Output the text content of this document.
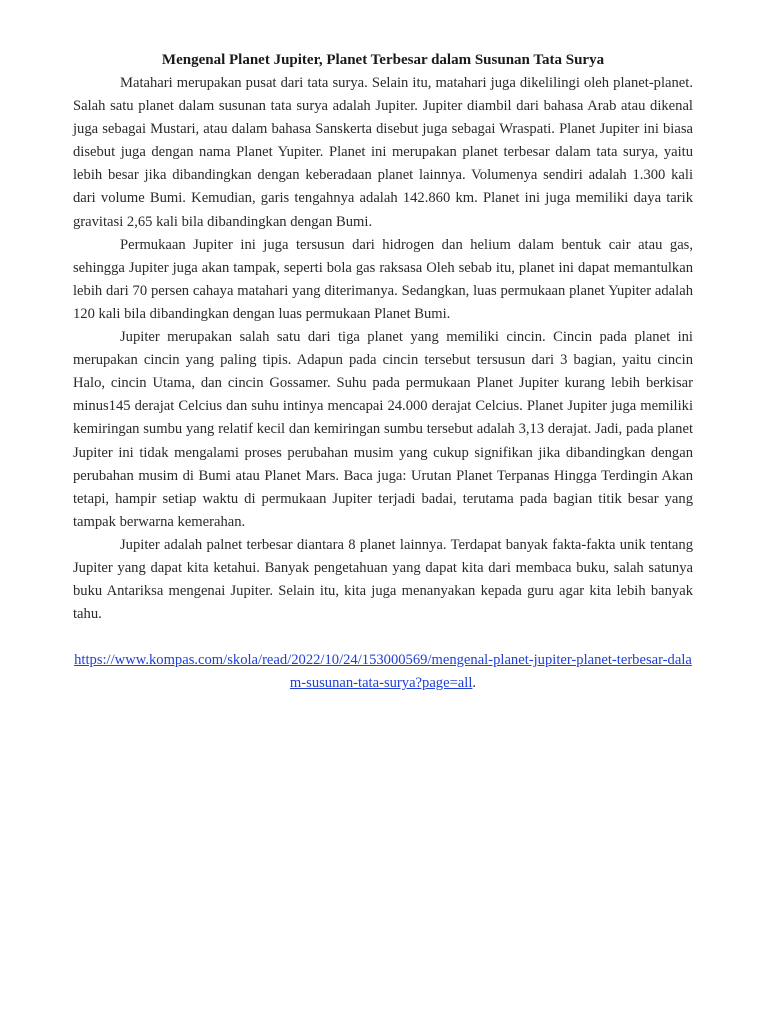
Mengenal Planet Jupiter, Planet Terbesar dalam Susunan Tata Surya

Matahari merupakan pusat dari tata surya. Selain itu, matahari juga dikelilingi oleh planet-planet. Salah satu planet dalam susunan tata surya adalah Jupiter. Jupiter diambil dari bahasa Arab atau dikenal juga sebagai Mustari, atau dalam bahasa Sanskerta disebut juga sebagai Wraspati. Planet Jupiter ini biasa disebut juga dengan nama Planet Yupiter. Planet ini merupakan planet terbesar dalam tata surya, yaitu lebih besar jika dibandingkan dengan keberadaan planet lainnya. Volumenya sendiri adalah 1.300 kali dari volume Bumi. Kemudian, garis tengahnya adalah 142.860 km. Planet ini juga memiliki daya tarik gravitasi 2,65 kali bila dibandingkan dengan Bumi.

Permukaan Jupiter ini juga tersusun dari hidrogen dan helium dalam bentuk cair atau gas, sehingga Jupiter juga akan tampak, seperti bola gas raksasa Oleh sebab itu, planet ini dapat memantulkan lebih dari 70 persen cahaya matahari yang diterimanya. Sedangkan, luas permukaan planet Yupiter adalah 120 kali bila dibandingkan dengan luas permukaan Planet Bumi.

Jupiter merupakan salah satu dari tiga planet yang memiliki cincin. Cincin pada planet ini merupakan cincin yang paling tipis. Adapun pada cincin tersebut tersusun dari 3 bagian, yaitu cincin Halo, cincin Utama, dan cincin Gossamer. Suhu pada permukaan Planet Jupiter kurang lebih berkisar minus145 derajat Celcius dan suhu intinya mencapai 24.000 derajat Celcius. Planet Jupiter juga memiliki kemiringan sumbu yang relatif kecil dan kemiringan sumbu tersebut adalah 3,13 derajat. Jadi, pada planet Jupiter ini tidak mengalami proses perubahan musim yang cukup signifikan jika dibandingkan dengan perubahan musim di Bumi atau Planet Mars. Baca juga: Urutan Planet Terpanas Hingga Terdingin Akan tetapi, hampir setiap waktu di permukaan Jupiter terjadi badai, terutama pada bagian titik besar yang tampak berwarna kemerahan.

Jupiter adalah palnet terbesar diantara 8 planet lainnya. Terdapat banyak fakta-fakta unik tentang Jupiter yang dapat kita ketahui. Banyak pengetahuan yang dapat kita dari membaca buku, salah satunya buku Antariksa mengenai Jupiter. Selain itu, kita juga menanyakan kepada guru agar kita lebih banyak tahu.

https://www.kompas.com/skola/read/2022/10/24/153000569/mengenal-planet-jupiter-planet-terbesar-dalam-susunan-tata-surya?page=all.
